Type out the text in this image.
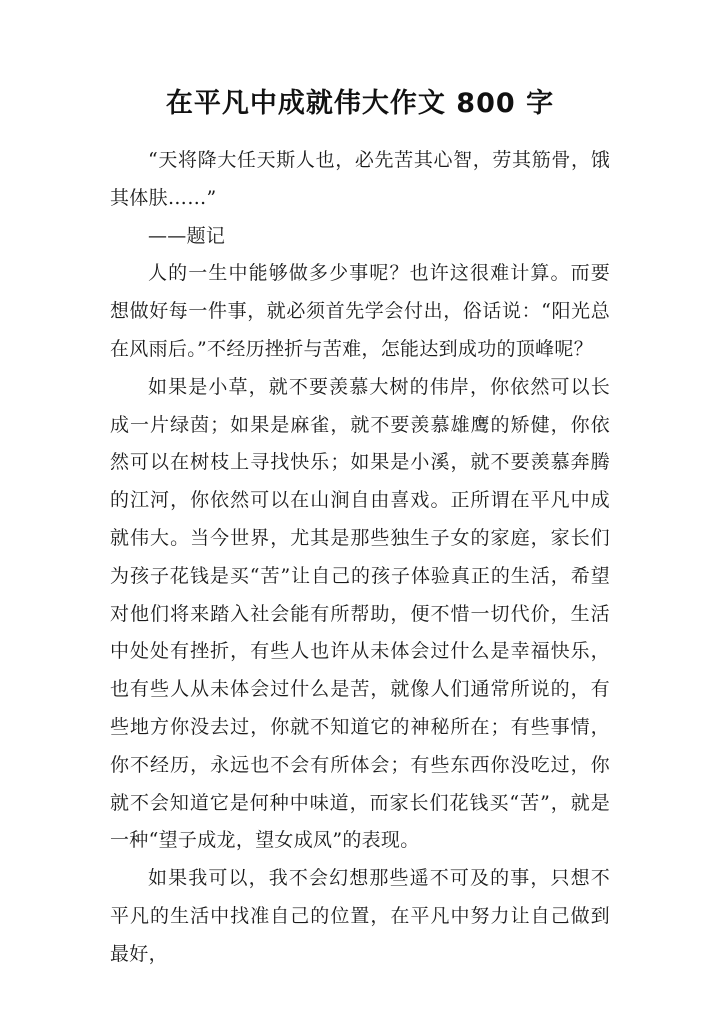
在平凡中成就伟大作文 800 字

“天将降大任天斯人也，必先苦其心智，劳其筋骨，饿其体肤……”

——题记

人的一生中能够做多少事呢？也许这很难计算。而要想做好每一件事，就必须首先学会付出，俗话说：“阳光总在风雨后。”不经历挫折与苦难，怎能达到成功的顶峰呢？

如果是小草，就不要羡慕大树的伟岸，你依然可以长成一片绿茵；如果是麻雀，就不要羡慕雄鹰的矫健，你依然可以在树枝上寻找快乐；如果是小溪，就不要羡慕奔腾的江河，你依然可以在山涧自由喜戏。正所谓在平凡中成就伟大。当今世界，尤其是那些独生子女的家庭，家长们为孩子花钱是买“苦”让自己的孩子体验真正的生活，希望对他们将来踏入社会能有所帮助，便不惜一切代价，生活中处处有挫折，有些人也许从未体会过什么是幸福快乐，也有些人从未体会过什么是苦，就像人们通常所说的，有些地方你没去过，你就不知道它的神秘所在；有些事情，你不经历，永远也不会有所体会；有些东西你没吃过，你就不会知道它是何种中味道，而家长们花钱买“苦”，就是一种“望子成龙，望女成凤”的表现。

如果我可以，我不会幻想那些遥不可及的事，只想不平凡的生活中找准自己的位置，在平凡中努力让自己做到最好，
